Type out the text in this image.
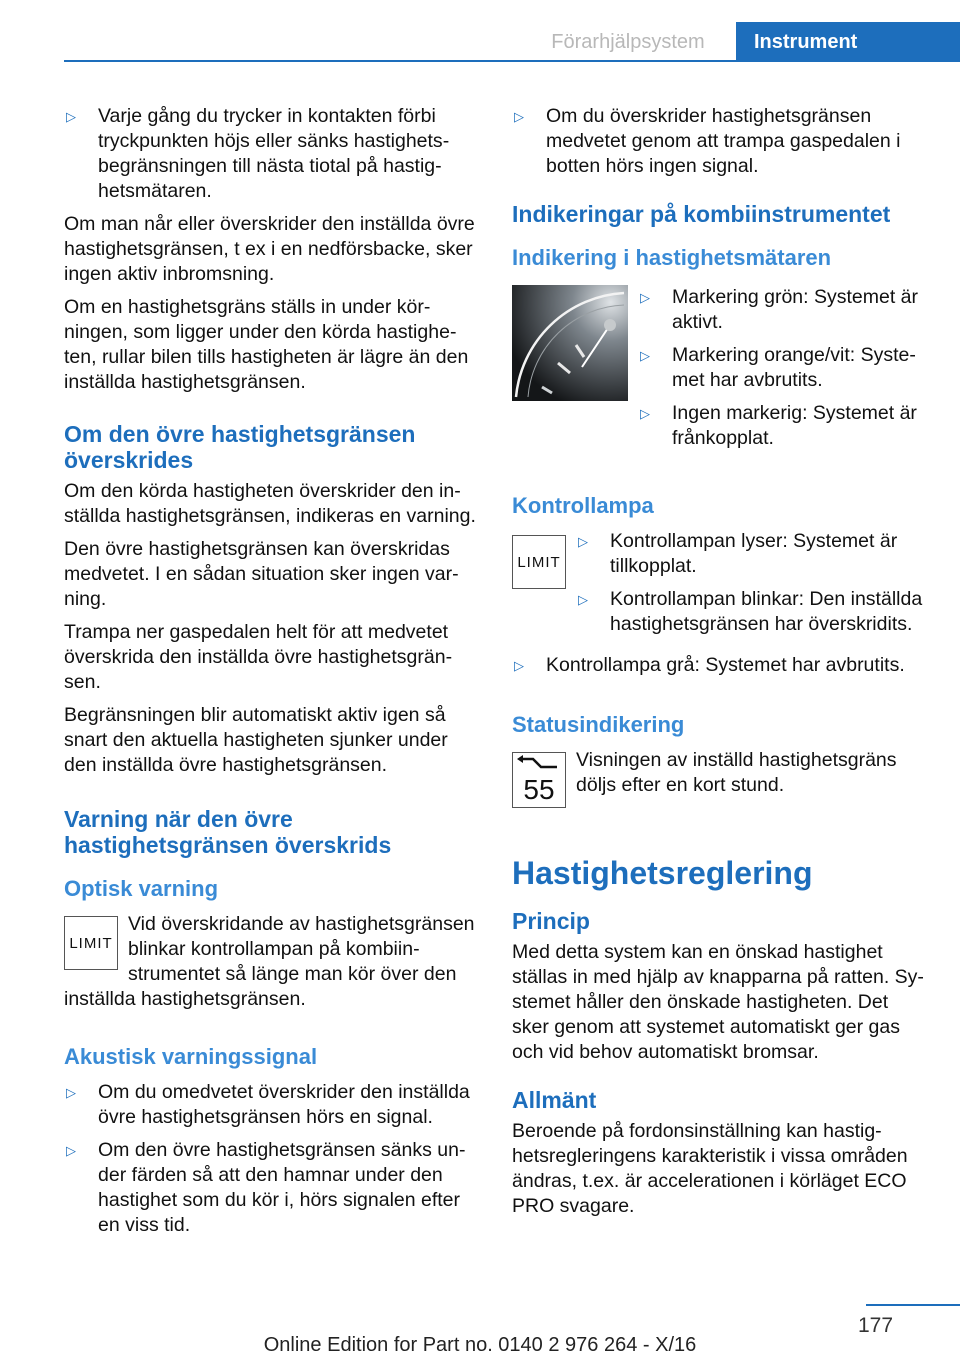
Förarhjälpsystem	Instrument
▷ Varje gång du trycker in kontakten förbi tryckpunkten höjs eller sänks hastighetsbegränsningen till nästa tiotal på hastighetsmätaren.

Om man når eller överskrider den inställda övre hastighetsgränsen, t ex i en nedförsbacke, sker ingen aktiv inbromsning.

Om en hastighetsgräns ställs in under körningen, som ligger under den körda hastigheten, rullar bilen tills hastigheten är lägre än den inställda hastighetsgränsen.

Om den övre hastighetsgränsen överskrides

Om den körda hastigheten överskrider den inställda hastighetsgränsen, indikeras en varning.

Den övre hastighetsgränsen kan överskridas medvetet. I en sådan situation sker ingen varning.

Trampa ner gaspedalen helt för att medvetet överskrida den inställda övre hastighetsgränsen.

Begränsningen blir automatiskt aktiv igen så snart den aktuella hastigheten sjunker under den inställda övre hastighetsgränsen.

Varning när den övre hastighetsgränsen överskrids
Optisk varning
LIMIT

Vid överskridande av hastighetsgränsen blinkar kontrollampan på kombiinstrumentet så länge man kör över den inställda hastighetsgränsen.

Akustisk varningssignal
▷ Om du omedvetet överskrider den inställda övre hastighetsgränsen hörs en signal.
▷ Om den övre hastighetsgränsen sänks under färden så att den hamnar under den hastighet som du kör i, hörs signalen efter en viss tid.
▷ Om du överskrider hastighetsgränsen medvetet genom att trampa gaspedalen i botten hörs ingen signal.
Indikeringar på kombiinstrumentet
Indikering i hastighetsmätaren
▷ Markering grön: Systemet är aktivt.
▷ Markering orange/vit: Systemet har avbrutits.
▷ Ingen markerig: Systemet är frånkopplat.
Kontrollampa
LIMIT
▷ Kontrollampan lyser: Systemet är tillkopplat.
▷ Kontrollampan blinkar: Den inställda hastighetsgränsen har överskridits.
▷ Kontrollampa grå: Systemet har avbrutits.
Statusindikering
55

Visningen av inställd hastighetsgräns döljs efter en kort stund.

Hastighetsreglering
Princip

Med detta system kan en önskad hastighet ställas in med hjälp av knapparna på ratten. Systemet håller den önskade hastigheten. Det sker genom att systemet automatiskt ger gas och vid behov automatiskt bromsar.

Allmänt

Beroende på fordonsinställning kan hastighetsregleringens karakteristik i vissa områden ändras, t.ex. är accelerationen i körläget ECO PRO svagare.

177
Online Edition for Part no. 0140 2 976 264 - X/16
